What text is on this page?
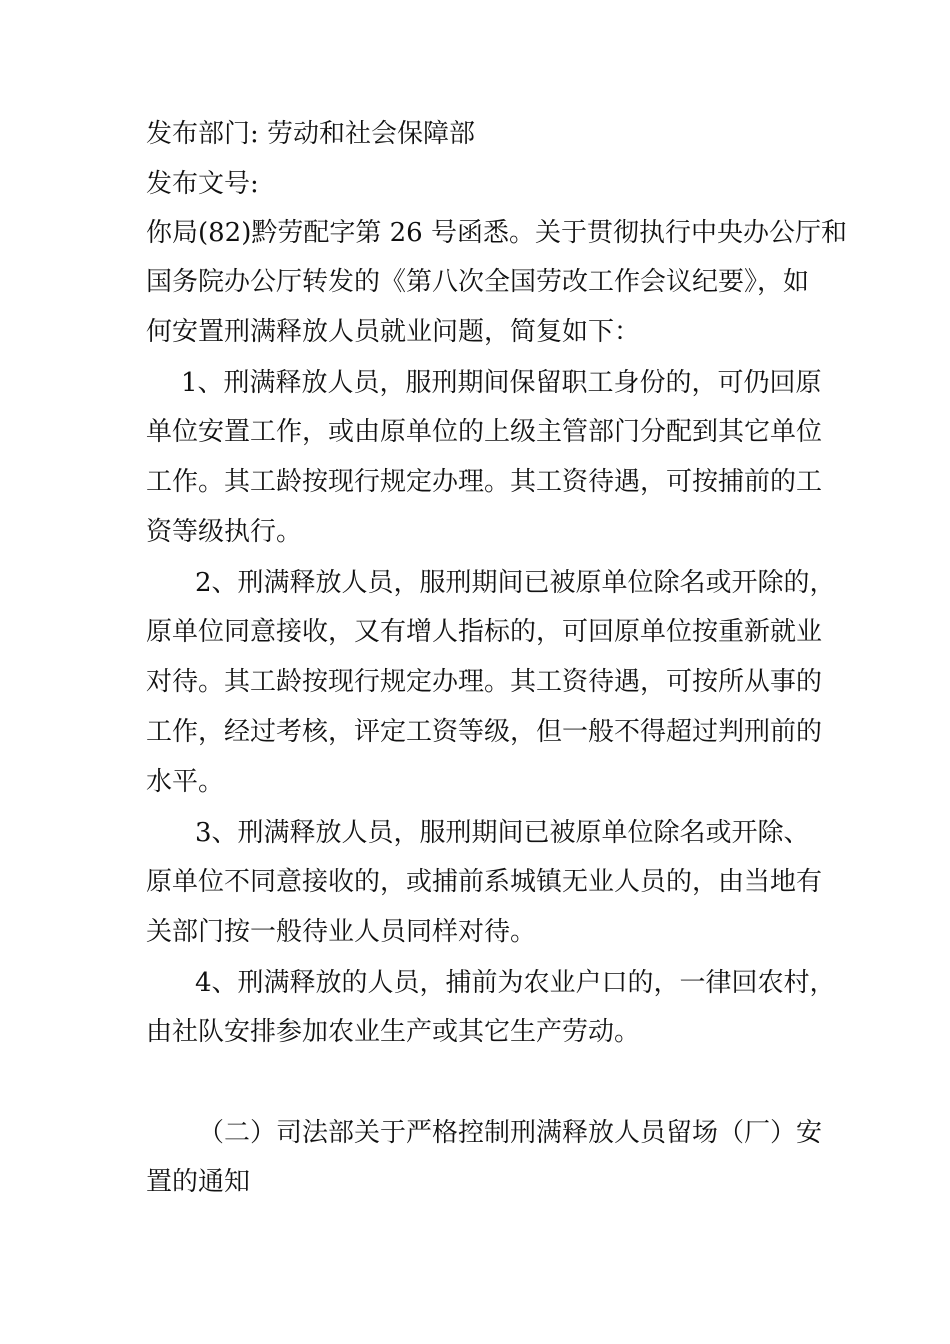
发布部门: 劳动和社会保障部
发布文号:
你局(82)黔劳配字第 26 号函悉。关于贯彻执行中央办公厅和
国务院办公厅转发的《第八次全国劳改工作会议纪要》，如
何安置刑满释放人员就业问题，简复如下：
1、刑满释放人员，服刑期间保留职工身份的，可仍回原
单位安置工作，或由原单位的上级主管部门分配到其它单位
工作。其工龄按现行规定办理。其工资待遇，可按捕前的工
资等级执行。
2、刑满释放人员，服刑期间已被原单位除名或开除的，
原单位同意接收，又有增人指标的，可回原单位按重新就业
对待。其工龄按现行规定办理。其工资待遇，可按所从事的
工作，经过考核，评定工资等级，但一般不得超过判刑前的
水平。
3、刑满释放人员，服刑期间已被原单位除名或开除、
原单位不同意接收的，或捕前系城镇无业人员的，由当地有
关部门按一般待业人员同样对待。
4、刑满释放的人员，捕前为农业户口的，一律回农村，
由社队安排参加农业生产或其它生产劳动。
（二）司法部关于严格控制刑满释放人员留场（厂）安
置的通知
